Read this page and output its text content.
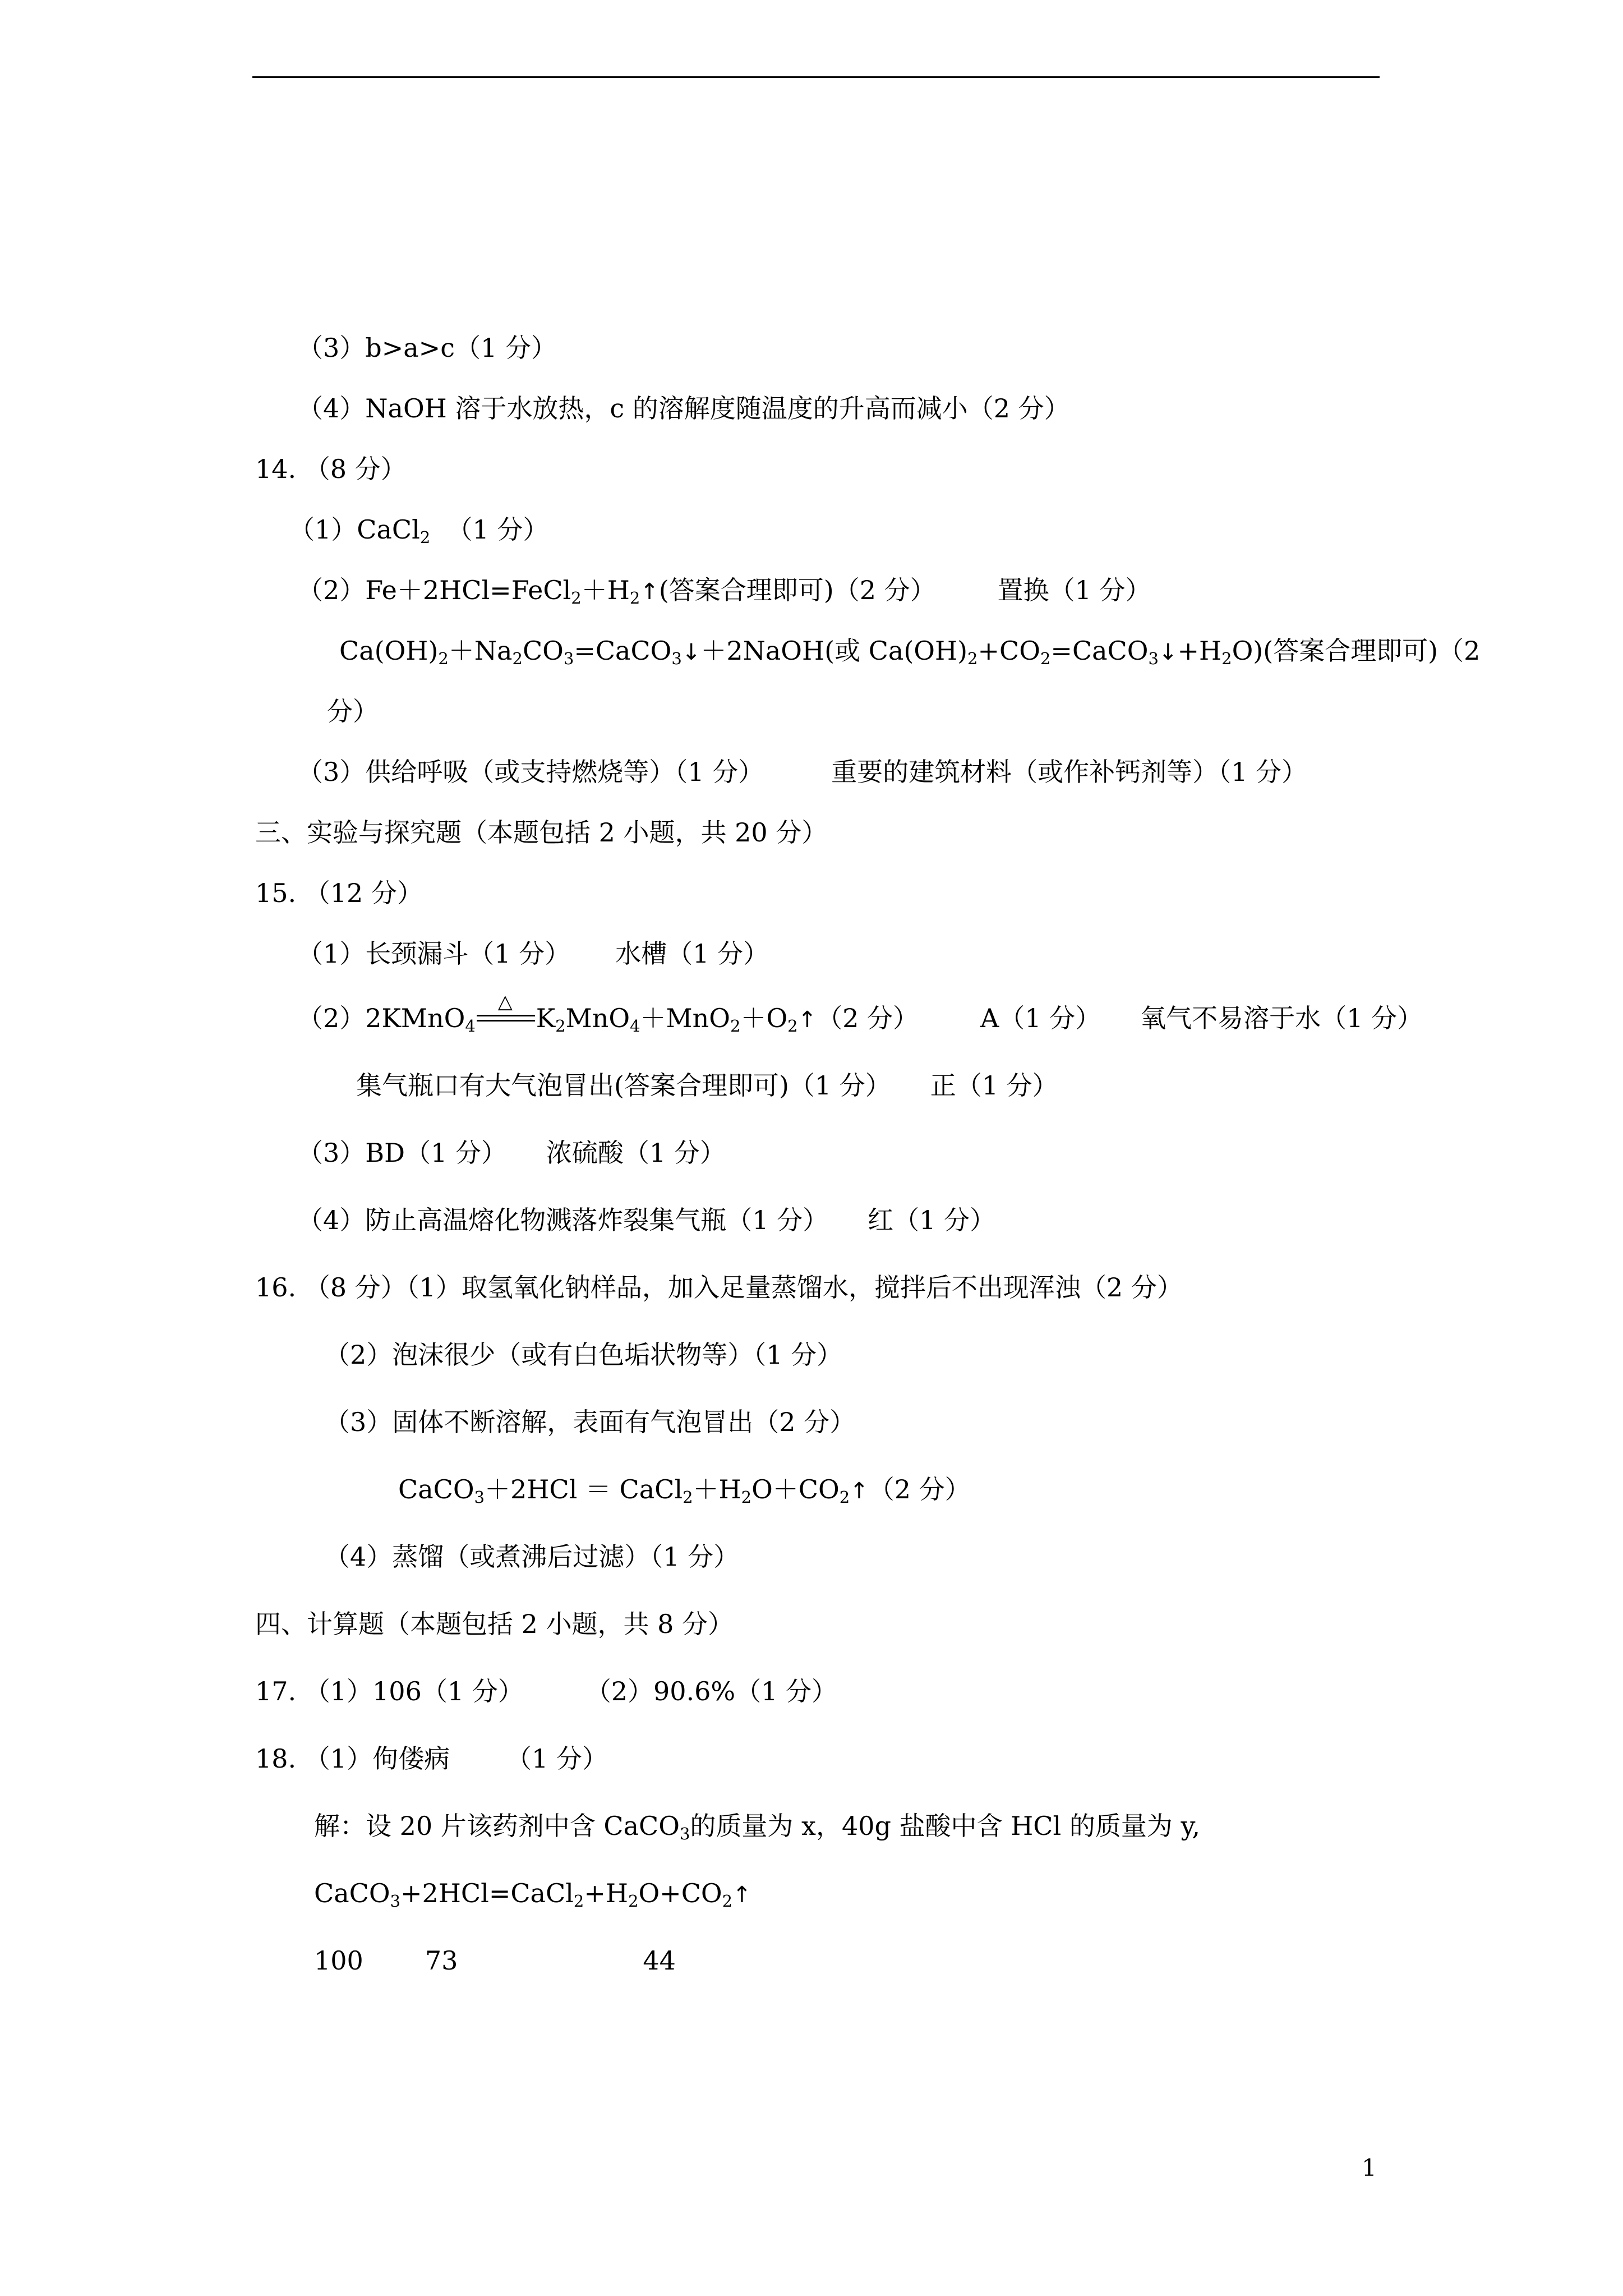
（3）b>a>c（1 分）
（4）NaOH 溶于水放热，c 的溶解度随温度的升高而减小（2 分）
14. （8 分）
（1）CaCl$_2$  （1 分）
$(2)Fe+2HCl=FeCl_2+H_2↑$(答案合理即可)（2 分） 置换（1 分）
$Ca(OH)_2+Na_2CO_3=CaCO_3↓+2NaOH$(或 $Ca(OH)_2+CO_2=CaCO_3↓+H_2O$)(答案合理即可)（2
分）
（3）供给呼吸（或支持燃烧等）（1 分）	重要的建筑材料（或作补钙剂等）（1 分）
三、实验与探究题（本题包括 2 小题，共 20 分）
15. （12 分）
（1）长颈漏斗（1 分） 水槽（1 分）
（2）2KMnO$_4$
△
$K_2MnO_4+MnO_2+O_2↑(2$ 分） A（1 分） 氧气不易溶于水（1 分）
集气瓶口有大气泡冒出(答案合理即可)（1 分） 正（1 分）
（3）BD（1 分） 浓硫酸（1 分）
（4）防止高温熔化物溅落炸裂集气瓶（1 分） 红（1 分）
16. （8 分）（1）取氢氧化钠样品，加入足量蒸馏水，搅拌后不出现浑浊（2 分）
（2）泡沫很少（或有白色垢状物等）（1 分）
（3）固体不断溶解，表面有气泡冒出（2 分）
CaCO$_3$＋2HCl ＝ $CaCl_2+H_2O+CO_2↑(2$ 分）
（4）蒸馏（或煮沸后过滤）（1 分）
四、计算题（本题包括 2 小题，共 8 分）
17. （1）106（1 分） （2）90.6%（1 分）
18. （1）佝偻病 （1 分）
解：设 20 片该药剂中含 CaCO$_3$的质量为 x，40g 盐酸中含 HCl 的质量为 y,
$CaCO_3+2HCl=CaCl_2+H_2O+CO_2↑$
100 73	44
1
